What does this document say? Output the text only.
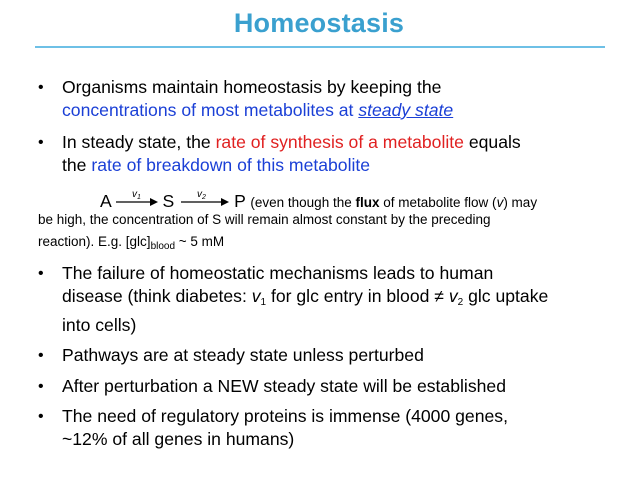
Homeostasis
• Organisms maintain homeostasis by keeping the
concentrations of most metabolites at steady state
• In steady state, the rate of synthesis of a metabolite equals
the rate of breakdown of this metabolite
A $v_1$ S $v_2$ P (even though the flux of metabolite flow (v) may
be high, the concentration of S will remain almost constant by the preceding
reaction). E.g. $[glc]_{blood}$ ~ 5 mM
• The failure of homeostatic mechanisms leads to human
disease (think diabetes: $v_1$ for glc entry in blood ≠ $v_2$ glc uptake
into cells)
• Pathways are at steady state unless perturbed
• After perturbation a NEW steady state will be established
• The need of regulatory proteins is immense (4000 genes,
~12% of all genes in humans)
